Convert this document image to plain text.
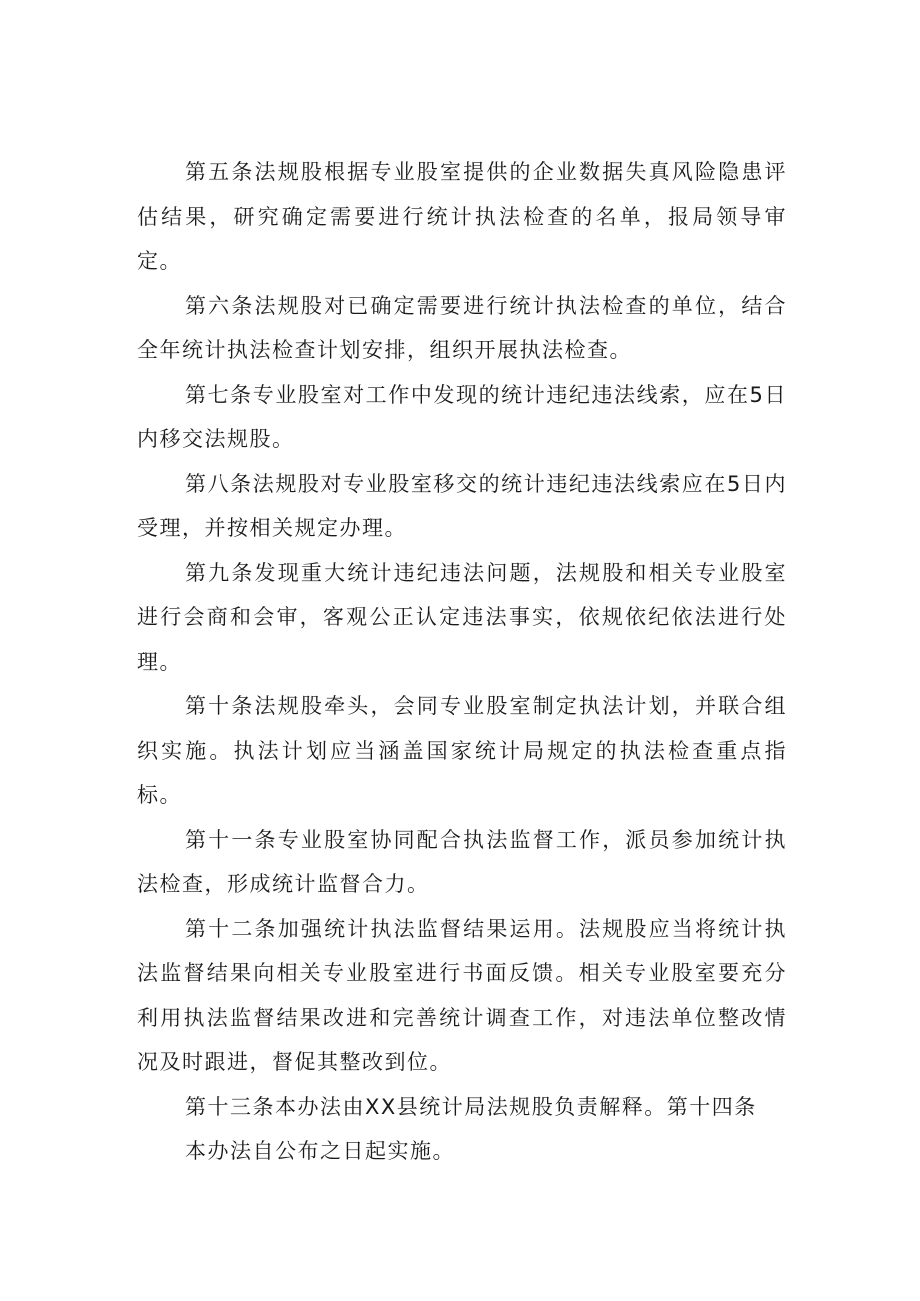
第五条法规股根据专业股室提供的企业数据失真风险隐患评估结果，研究确定需要进行统计执法检查的名单，报局领导审定。

第六条法规股对已确定需要进行统计执法检查的单位，结合全年统计执法检查计划安排，组织开展执法检查。

第七条专业股室对工作中发现的统计违纪违法线索，应在5日内移交法规股。

第八条法规股对专业股室移交的统计违纪违法线索应在5日内受理，并按相关规定办理。

第九条发现重大统计违纪违法问题，法规股和相关专业股室进行会商和会审，客观公正认定违法事实，依规依纪依法进行处理。

第十条法规股牵头，会同专业股室制定执法计划，并联合组织实施。执法计划应当涵盖国家统计局规定的执法检查重点指标。

第十一条专业股室协同配合执法监督工作，派员参加统计执法检查，形成统计监督合力。

第十二条加强统计执法监督结果运用。法规股应当将统计执法监督结果向相关专业股室进行书面反馈。相关专业股室要充分利用执法监督结果改进和完善统计调查工作，对违法单位整改情况及时跟进，督促其整改到位。

第十三条本办法由XX县统计局法规股负责解释。第十四条

本办法自公布之日起实施。
